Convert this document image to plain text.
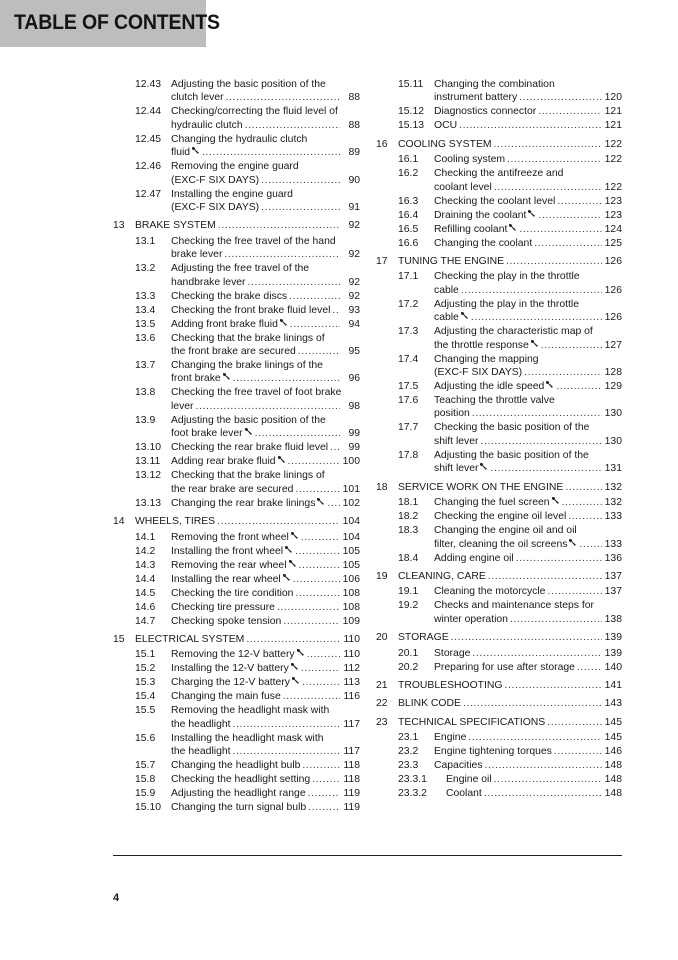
TABLE OF CONTENTS
12.43 Adjusting the basic position of the
clutch lever .....	88
12.44 Checking/correcting the fluid level of
hydraulic clutch .....	88
12.45 Changing the hydraulic clutch
fluid .....	89
12.46 Removing the engine guard
(EXC-F SIX DAYS) .....	90
12.47 Installing the engine guard
(EXC-F SIX DAYS) .....	91
13 BRAKE SYSTEM .....	92
13.1 Checking the free travel of the hand
brake lever .....	92
13.2 Adjusting the free travel of the
handbrake lever .....	92
13.3 Checking the brake discs .....	92
13.4 Checking the front brake fluid level .....	93
13.5 Adding front brake fluid .....	94
13.6 Checking that the brake linings of
the front brake are secured .....	95
13.7 Changing the brake linings of the
front brake .....	96
13.8 Checking the free travel of foot brake
lever .....	98
13.9 Adjusting the basic position of the
foot brake lever .....	99
13.10 Checking the rear brake fluid level .....	99
13.11 Adding rear brake fluid .....	100
13.12 Checking that the brake linings of
the rear brake are secured .....	101
13.13 Changing the rear brake linings .....	102
14 WHEELS, TIRES .....	104
14.1 Removing the front wheel .....	104
14.2 Installing the front wheel .....	105
14.3 Removing the rear wheel .....	105
14.4 Installing the rear wheel .....	106
14.5 Checking the tire condition .....	108
14.6 Checking tire pressure .....	108
14.7 Checking spoke tension .....	109
15 ELECTRICAL SYSTEM .....	110
15.1 Removing the 12-V battery .....	110
15.2 Installing the 12-V battery .....	112
15.3 Charging the 12-V battery .....	113
15.4 Changing the main fuse .....	116
15.5 Removing the headlight mask with
the headlight .....	117
15.6 Installing the headlight mask with
the headlight .....	117
15.7 Changing the headlight bulb .....	118
15.8 Checking the headlight setting .....	118
15.9 Adjusting the headlight range .....	119
15.10 Changing the turn signal bulb .....	119
15.11 Changing the combination
instrument battery .....	120
15.12 Diagnostics connector .....	121
15.13 OCU .....	121
16 COOLING SYSTEM .....	122
16.1 Cooling system .....	122
16.2 Checking the antifreeze and
coolant level .....	122
16.3 Checking the coolant level .....	123
16.4 Draining the coolant .....	123
16.5 Refilling coolant .....	124
16.6 Changing the coolant .....	125
17 TUNING THE ENGINE .....	126
17.1 Checking the play in the throttle
cable .....	126
17.2 Adjusting the play in the throttle
cable .....	126
17.3 Adjusting the characteristic map of
the throttle response .....	127
17.4 Changing the mapping
(EXC-F SIX DAYS) .....	128
17.5 Adjusting the idle speed .....	129
17.6 Teaching the throttle valve
position .....	130
17.7 Checking the basic position of the
shift lever .....	130
17.8 Adjusting the basic position of the
shift lever .....	131
18 SERVICE WORK ON THE ENGINE .....	132
18.1 Changing the fuel screen .....	132
18.2 Checking the engine oil level .....	133
18.3 Changing the engine oil and oil
filter, cleaning the oil screens .....	133
18.4 Adding engine oil .....	136
19 CLEANING, CARE .....	137
19.1 Cleaning the motorcycle .....	137
19.2 Checks and maintenance steps for
winter operation .....	138
20 STORAGE .....	139
20.1 Storage .....	139
20.2 Preparing for use after storage .....	140
21 TROUBLESHOOTING .....	141
22 BLINK CODE .....	143
23 TECHNICAL SPECIFICATIONS .....	145
23.1 Engine .....	145
23.2 Engine tightening torques .....	146
23.3 Capacities .....	148
23.3.1 Engine oil .....	148
23.3.2 Coolant .....	148
4
